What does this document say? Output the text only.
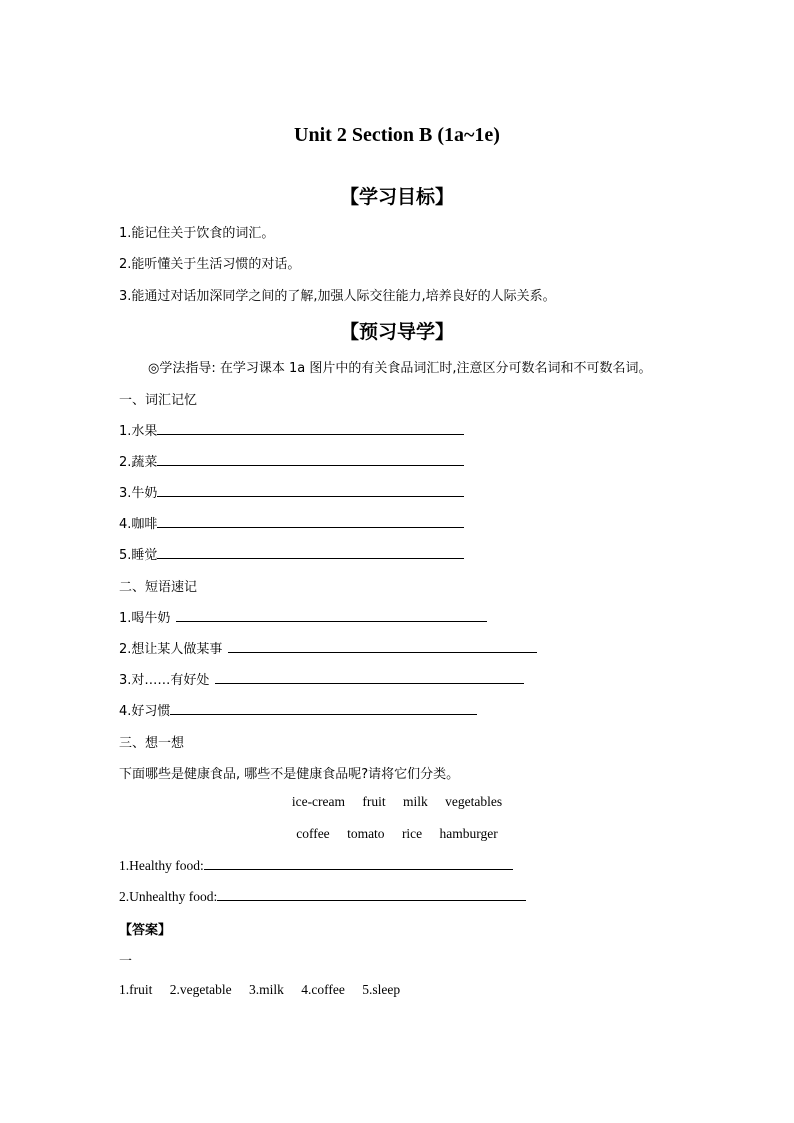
Unit 2 Section B (1a~1e)
【学习目标】
1.能记住关于饮食的词汇。
2.能听懂关于生活习惯的对话。
3.能通过对话加深同学之间的了解,加强人际交往能力,培养良好的人际关系。
【预习导学】
◎学法指导: 在学习课本 1a 图片中的有关食品词汇时,注意区分可数名词和不可数名词。
一、词汇记忆
1.水果
2.蔬菜
3.牛奶
4.咖啡
5.睡觉
二、短语速记
1.喝牛奶
2.想让某人做某事
3.对……有好处
4.好习惯
三、想一想
下面哪些是健康食品, 哪些不是健康食品呢?请将它们分类。
ice-cream fruit milk vegetables
coffee tomato rice hamburger
1.Healthy food:
2.Unhealthy food:
【答案】
一
1.fruit 2.vegetable 3.milk 4.coffee 5.sleep
